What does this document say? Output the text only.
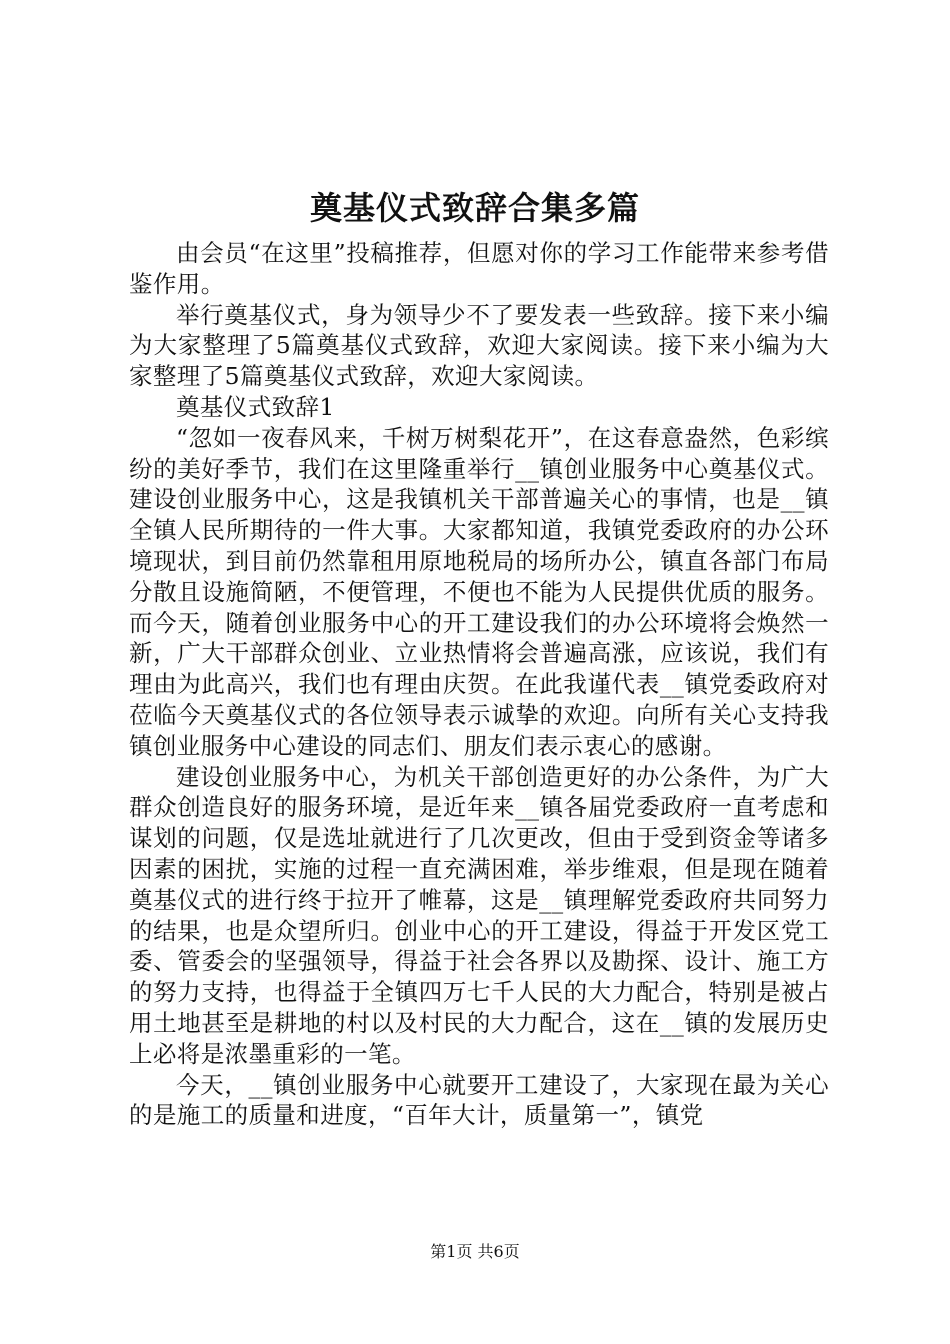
奠基仪式致辞合集多篇

由会员“在这里”投稿推荐，但愿对你的学习工作能带来参考借鉴作用。

举行奠基仪式，身为领导少不了要发表一些致辞。接下来小编为大家整理了5篇奠基仪式致辞，欢迎大家阅读。接下来小编为大家整理了5篇奠基仪式致辞，欢迎大家阅读。

奠基仪式致辞1

“忽如一夜春风来，千树万树梨花开”，在这春意盎然，色彩缤纷的美好季节，我们在这里隆重举行__镇创业服务中心奠基仪式。建设创业服务中心，这是我镇机关干部普遍关心的事情，也是__镇全镇人民所期待的一件大事。大家都知道，我镇党委政府的办公环境现状，到目前仍然靠租用原地税局的场所办公，镇直各部门布局分散且设施简陋，不便管理，不便也不能为人民提供优质的服务。而今天，随着创业服务中心的开工建设我们的办公环境将会焕然一新，广大干部群众创业、立业热情将会普遍高涨，应该说，我们有理由为此高兴，我们也有理由庆贺。在此我谨代表__镇党委政府对莅临今天奠基仪式的各位领导表示诚挚的欢迎。向所有关心支持我镇创业服务中心建设的同志们、朋友们表示衷心的感谢。

建设创业服务中心，为机关干部创造更好的办公条件，为广大群众创造良好的服务环境，是近年来__镇各届党委政府一直考虑和谋划的问题，仅是选址就进行了几次更改，但由于受到资金等诸多因素的困扰，实施的过程一直充满困难，举步维艰，但是现在随着奠基仪式的进行终于拉开了帷幕，这是__镇理解党委政府共同努力的结果，也是众望所归。创业中心的开工建设，得益于开发区党工委、管委会的坚强领导，得益于社会各界以及勘探、设计、施工方的努力支持，也得益于全镇四万七千人民的大力配合，特别是被占用土地甚至是耕地的村以及村民的大力配合，这在__镇的发展历史上必将是浓墨重彩的一笔。

今天，__镇创业服务中心就要开工建设了，大家现在最为关心的是施工的质量和进度，“百年大计，质量第一”，镇党

第1页 共6页
